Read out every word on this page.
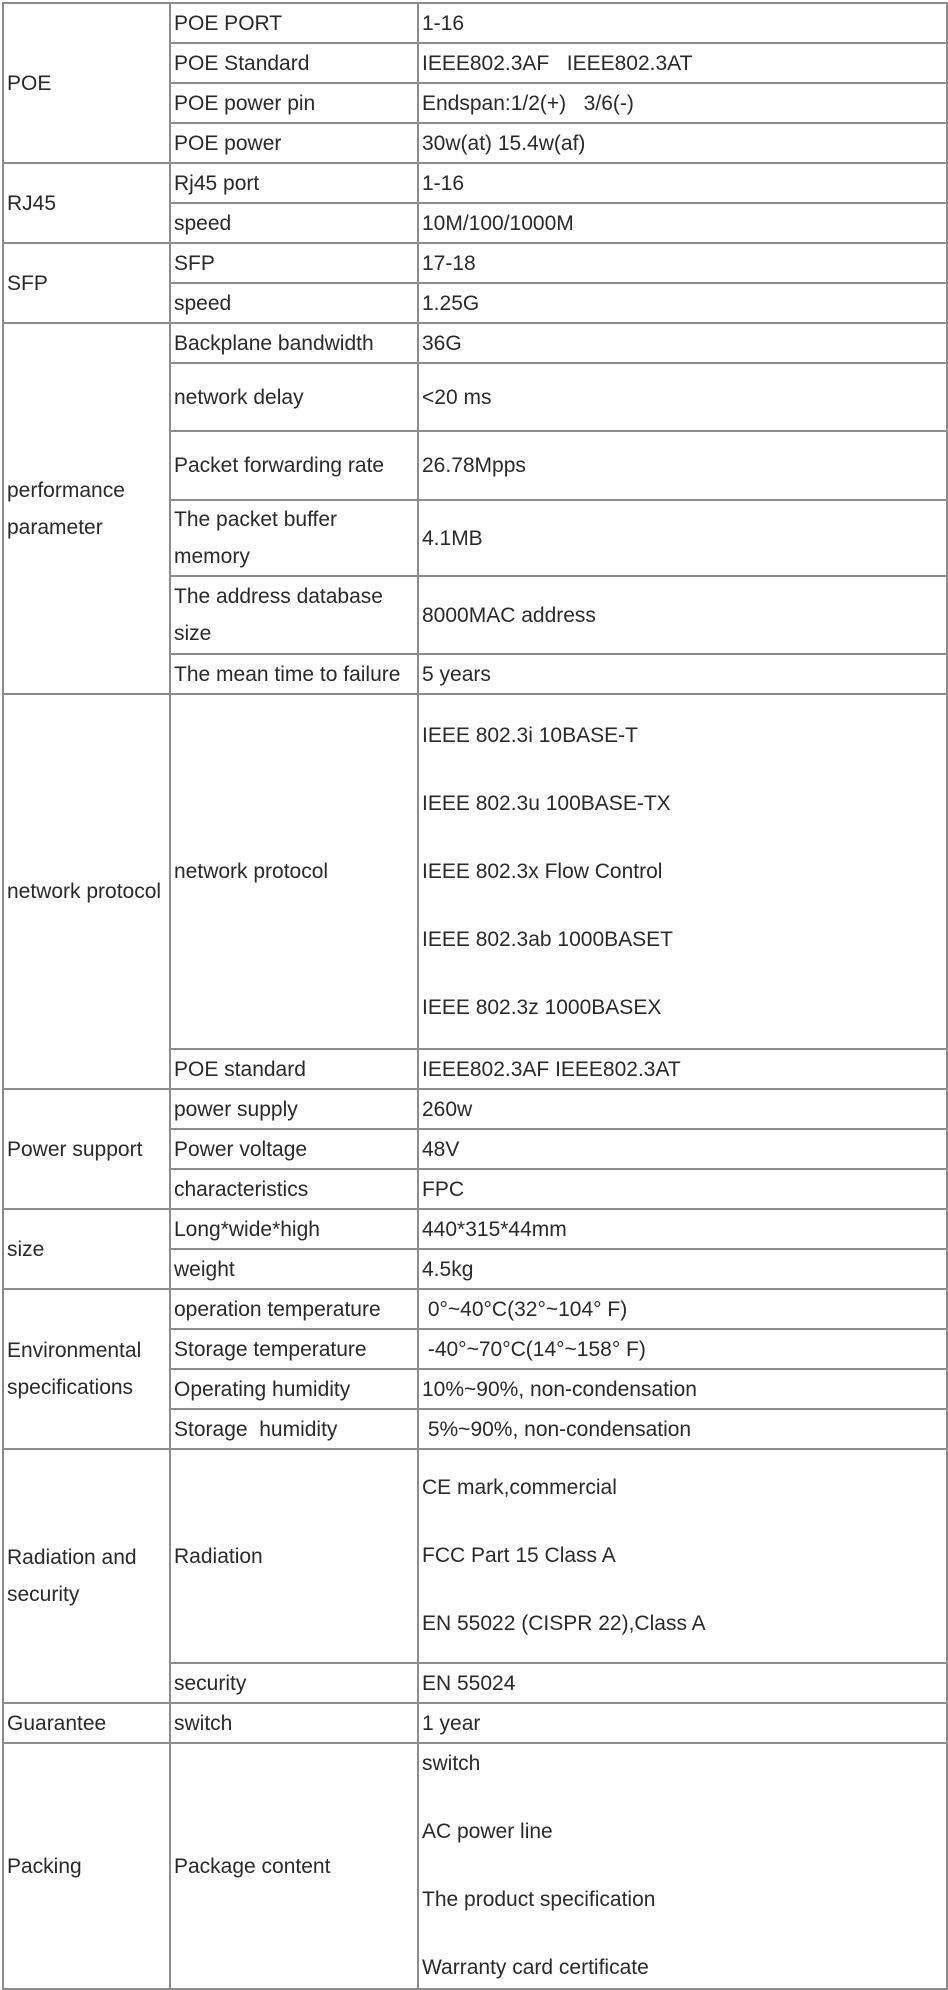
POE	POE PORT	1-16
	POE Standard	IEEE802.3AF   IEEE802.3AT
	POE power pin	Endspan:1/2(+)   3/6(-)
	POE power	30w(at) 15.4w(af)
RJ45	Rj45 port	1-16
	speed	10M/100/1000M
SFP	SFP	17-18
	speed	1.25G
performance parameter	Backplane bandwidth	36G
	network delay	<20 ms
	Packet forwarding rate	26.78Mpps
	The packet buffer memory	4.1MB
	The address database size	8000MAC address
	The mean time to failure	5 years
network protocol	network protocol	IEEE 802.3i 10BASE-T
IEEE 802.3u 100BASE-TX
IEEE 802.3x Flow Control
IEEE 802.3ab 1000BASET
IEEE 802.3z 1000BASEX

	POE standard	IEEE802.3AF IEEE802.3AT
Power support	power supply	260w
	Power voltage	48V
	characteristics	FPC
size	Long*wide*high	440*315*44mm
	weight	4.5kg
Environmental specifications	operation temperature	0°~40°C(32°~104° F)
	Storage temperature	-40°~70°C(14°~158° F)
	Operating humidity	10%~90%, non-condensation
	Storage  humidity	5%~90%, non-condensation
Radiation and security	Radiation	CE mark,commercial
FCC Part 15 Class A
EN 55022 (CISPR 22),Class A

	security	EN 55024
Guarantee	switch	1 year
Packing	Package content	switch
AC power line
The product specification
Warranty card certificate
